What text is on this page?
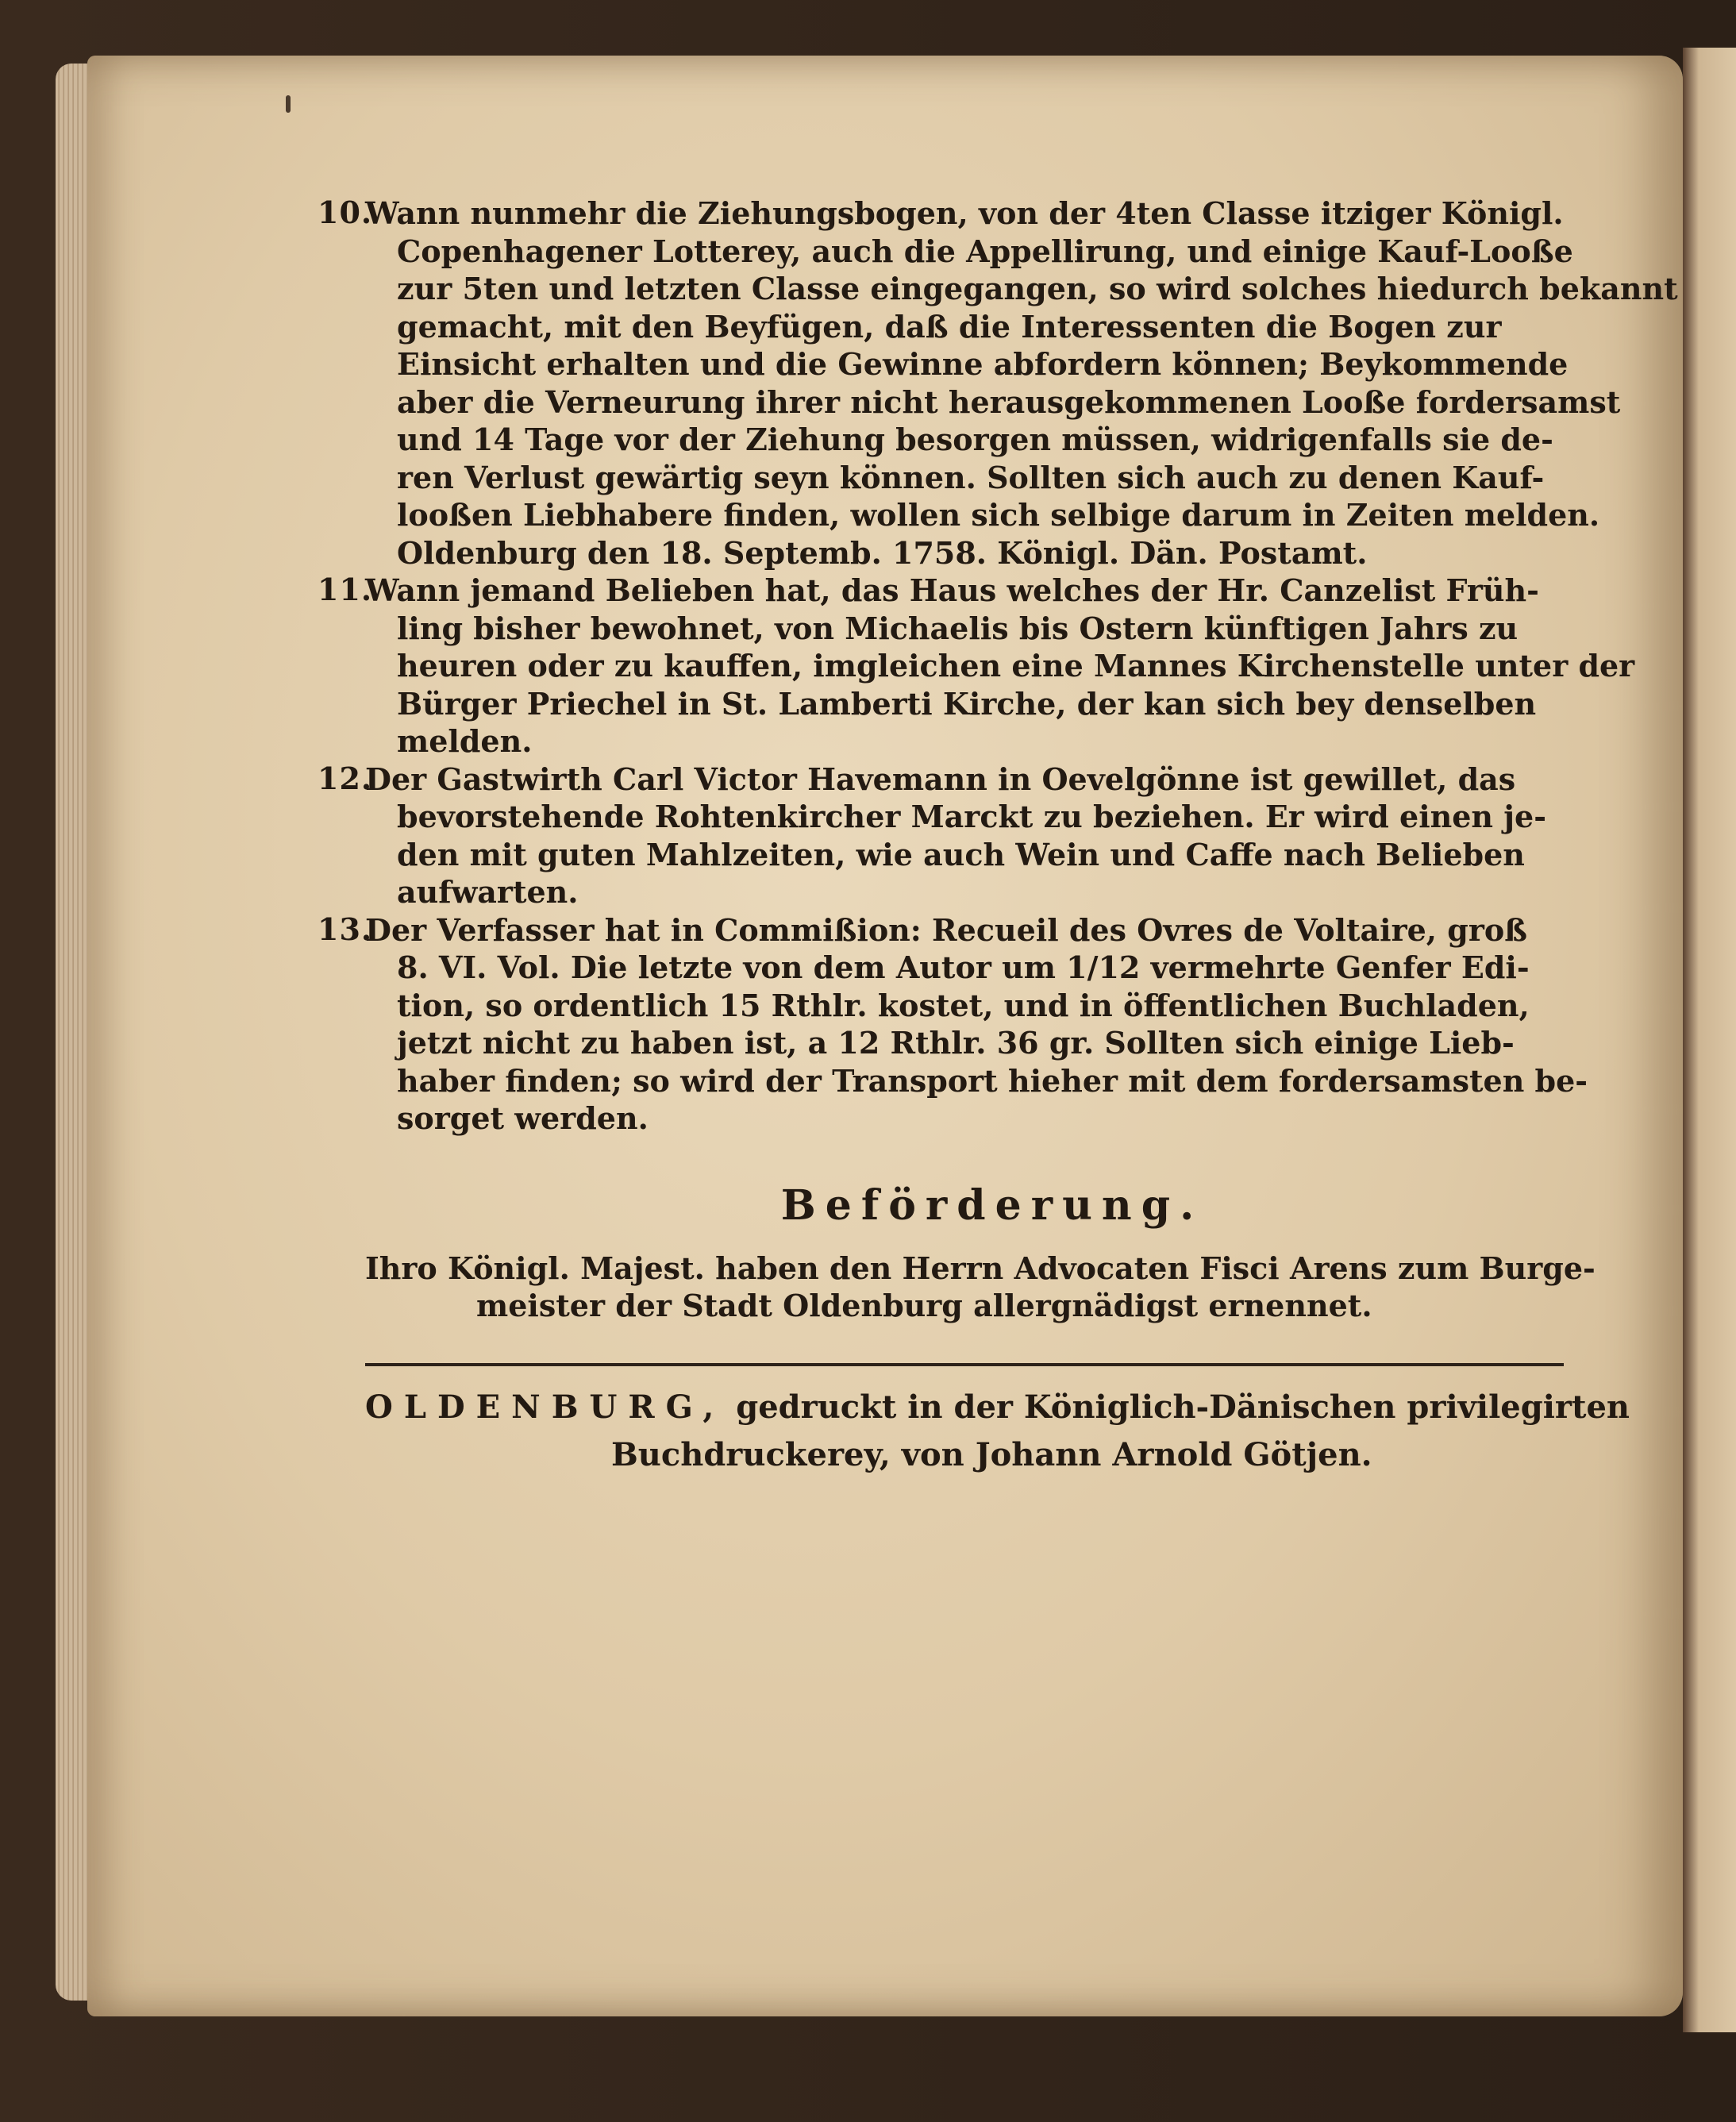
10.

Wann nunmehr die Ziehungsbogen, von der 4ten Classe itziger Königl.
Copenhagener Lotterey, auch die Appellirung, und einige Kauf-Looße
zur 5ten und letzten Classe eingegangen, so wird solches hiedurch bekannt
gemacht, mit den Beyfügen, daß die Interessenten die Bogen zur
Einsicht erhalten und die Gewinne abfordern können; Beykommende
aber die Verneurung ihrer nicht herausgekommenen Looße fordersamst
und 14 Tage vor der Ziehung besorgen müssen, widrigenfalls sie de-
ren Verlust gewärtig seyn können. Sollten sich auch zu denen Kauf-
looßen Liebhabere finden, wollen sich selbige darum in Zeiten melden.
Oldenburg den 18. Septemb. 1758. Königl. Dän. Postamt.

11.

Wann jemand Belieben hat, das Haus welches der Hr. Canzelist Früh-
ling bisher bewohnet, von Michaelis bis Ostern künftigen Jahrs zu
heuren oder zu kauffen, imgleichen eine Mannes Kirchenstelle unter der
Bürger Priechel in St. Lamberti Kirche, der kan sich bey denselben
melden.

12.

Der Gastwirth Carl Victor Havemann in Oevelgönne ist gewillet, das
bevorstehende Rohtenkircher Marckt zu beziehen. Er wird einen je-
den mit guten Mahlzeiten, wie auch Wein und Caffe nach Belieben
aufwarten.

13.

Der Verfasser hat in Commißion: Recueil des Ovres de Voltaire, groß
8. VI. Vol. Die letzte von dem Autor um 1/12 vermehrte Genfer Edi-
tion, so ordentlich 15 Rthlr. kostet, und in öffentlichen Buchladen,
jetzt nicht zu haben ist, a 12 Rthlr. 36 gr. Sollten sich einige Lieb-
haber finden; so wird der Transport hieher mit dem fordersamsten be-
sorget werden.

Beförderung.
Ihro Königl. Majest. haben den Herrn Advocaten Fisci Arens zum Burge-
meister der Stadt Oldenburg allergnädigst ernennet.
OLDENBURG, gedruckt in der Königlich-Dänischen privilegirten
Buchdruckerey, von Johann Arnold Götjen.
